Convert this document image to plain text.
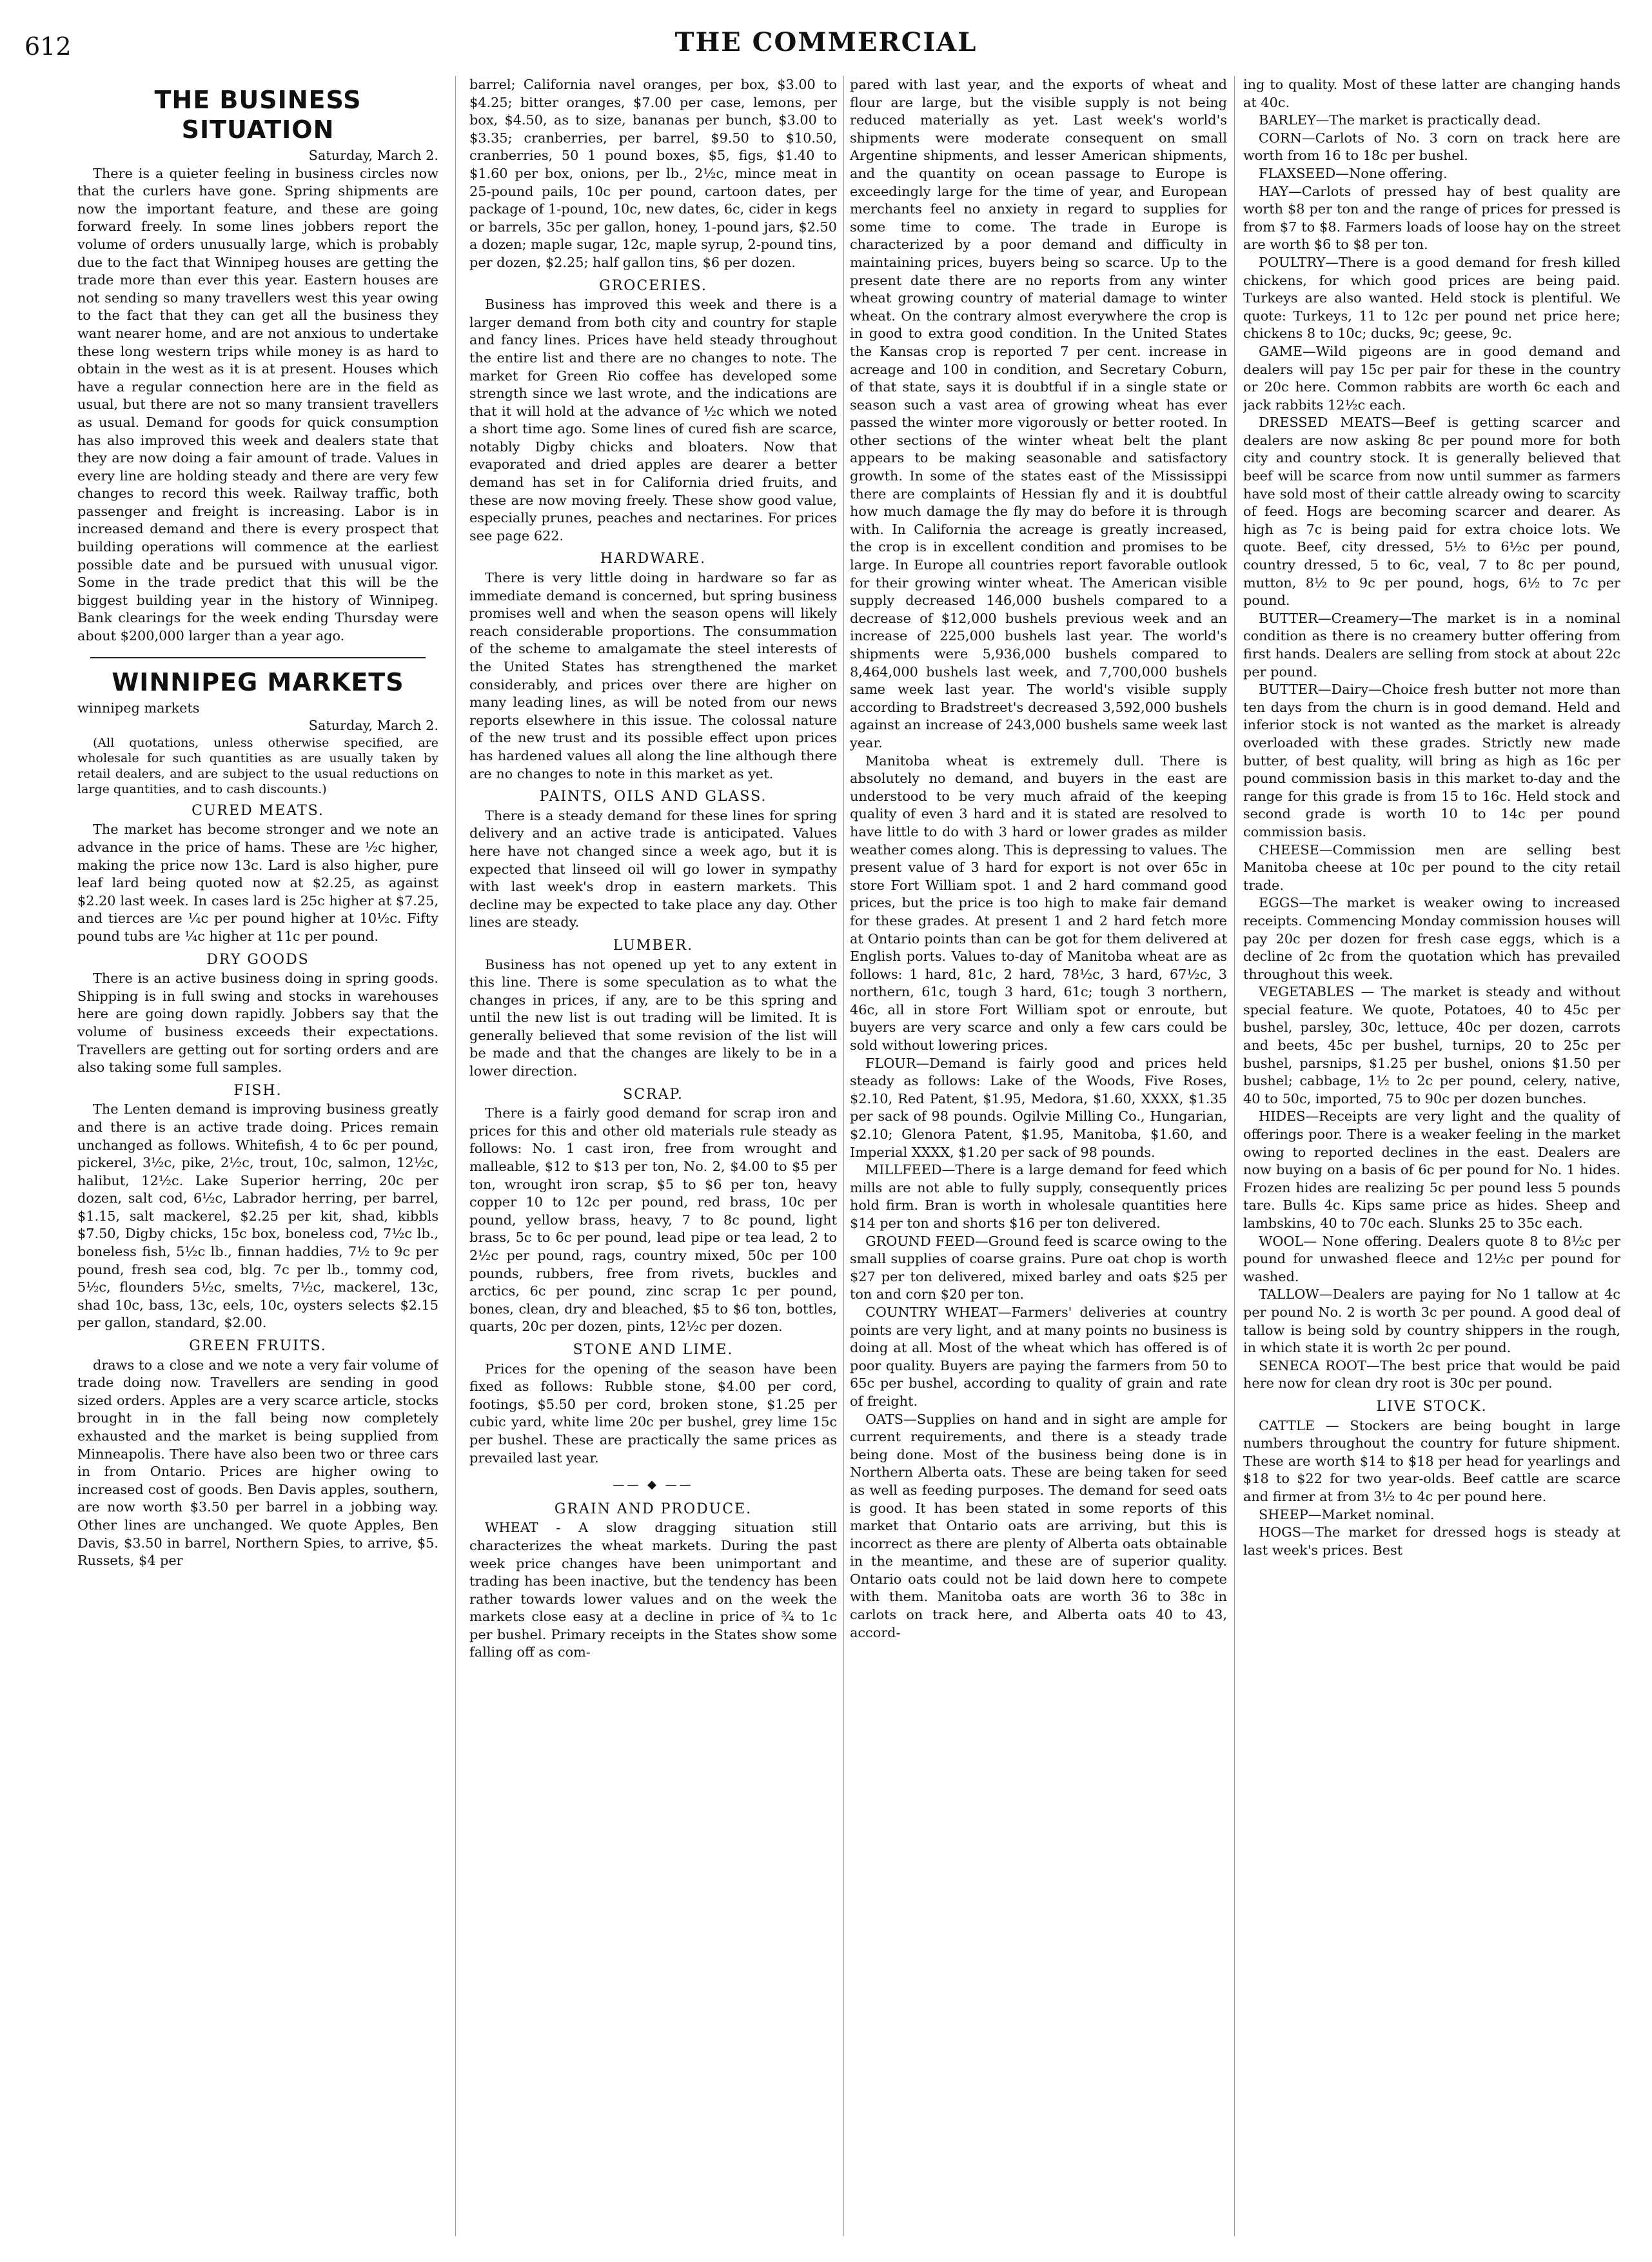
612	THE COMMERCIAL
THE BUSINESS SITUATION

Saturday, March 2.

There is a quieter feeling in business circles now that the curlers have gone. Spring shipments are now the important feature, and these are going forward freely. In some lines jobbers report the volume of orders unusually large, which is probably due to the fact that Winnipeg houses are getting the trade more than ever this year. Eastern houses are not sending so many travellers west this year owing to the fact that they can get all the business they want nearer home, and are not anxious to undertake these long western trips while money is as hard to obtain in the west as it is at present. Houses which have a regular connection here are in the field as usual, but there are not so many transient travellers as usual. Demand for goods for quick consumption has also improved this week and dealers state that they are now doing a fair amount of trade. Values in every line are holding steady and there are very few changes to record this week. Railway traffic, both passenger and freight is increasing. Labor is in increased demand and there is every prospect that building operations will commence at the earliest possible date and be pursued with unusual vigor. Some in the trade predict that this will be the biggest building year in the history of Winnipeg. Bank clearings for the week ending Thursday were about $200,000 larger than a year ago.

WINNIPEG MARKETS

winnipeg markets

Saturday, March 2.

(All quotations, unless otherwise specified, are wholesale for such quantities as are usually taken by retail dealers, and are subject to the usual reductions on large quantities, and to cash discounts.)

CURED MEATS.

The market has become stronger and we note an advance in the price of hams. These are ½c higher, making the price now 13c. Lard is also higher, pure leaf lard being quoted now at $2.25, as against $2.20 last week. In cases lard is 25c higher at $7.25, and tierces are ¼c per pound higher at 10½c. Fifty pound tubs are ¼c higher at 11c per pound.

DRY GOODS

There is an active business doing in spring goods. Shipping is in full swing and stocks in warehouses here are going down rapidly. Jobbers say that the volume of business exceeds their expectations. Travellers are getting out for sorting orders and are also taking some full samples.

FISH.

The Lenten demand is improving business greatly and there is an active trade doing. Prices remain unchanged as follows. Whitefish, 4 to 6c per pound, pickerel, 3½c, pike, 2½c, trout, 10c, salmon, 12½c, halibut, 12½c. Lake Superior herring, 20c per dozen, salt cod, 6½c, Labrador herring, per barrel, $1.15, salt mackerel, $2.25 per kit, shad, kibbls $7.50, Digby chicks, 15c box, boneless cod, 7½c lb., boneless fish, 5½c lb., finnan haddies, 7½ to 9c per pound, fresh sea cod, blg. 7c per lb., tommy cod, 5½c, flounders 5½c, smelts, 7½c, mackerel, 13c, shad 10c, bass, 13c, eels, 10c, oysters selects $2.15 per gallon, standard, $2.00.

GREEN FRUITS.

draws to a close and we note a very fair volume of trade doing now. Travellers are sending in good sized orders. Apples are a very scarce article, stocks brought in in the fall being now completely exhausted and the market is being supplied from Minneapolis. There have also been two or three cars in from Ontario. Prices are higher owing to increased cost of goods. Ben Davis apples, southern, are now worth $3.50 per barrel in a jobbing way. Other lines are unchanged. We quote Apples, Ben Davis, $3.50 in barrel, Northern Spies, to arrive, $5. Russets, $4 per

barrel; California navel oranges, per box, $3.00 to $4.25; bitter oranges, $7.00 per case, lemons, per box, $4.50, as to size, bananas per bunch, $3.00 to $3.35; cranberries, per barrel, $9.50 to $10.50, cranberries, 50 1 pound boxes, $5, figs, $1.40 to $1.60 per box, onions, per lb., 2½c, mince meat in 25-pound pails, 10c per pound, cartoon dates, per package of 1-pound, 10c, new dates, 6c, cider in kegs or barrels, 35c per gallon, honey, 1-pound jars, $2.50 a dozen; maple sugar, 12c, maple syrup, 2-pound tins, per dozen, $2.25; half gallon tins, $6 per dozen.

GROCERIES.

Business has improved this week and there is a larger demand from both city and country for staple and fancy lines. Prices have held steady throughout the entire list and there are no changes to note. The market for Green Rio coffee has developed some strength since we last wrote, and the indications are that it will hold at the advance of ½c which we noted a short time ago. Some lines of cured fish are scarce, notably Digby chicks and bloaters. Now that evaporated and dried apples are dearer a better demand has set in for California dried fruits, and these are now moving freely. These show good value, especially prunes, peaches and nectarines. For prices see page 622.

HARDWARE.

There is very little doing in hardware so far as immediate demand is concerned, but spring business promises well and when the season opens will likely reach considerable proportions. The consummation of the scheme to amalgamate the steel interests of the United States has strengthened the market considerably, and prices over there are higher on many leading lines, as will be noted from our news reports elsewhere in this issue. The colossal nature of the new trust and its possible effect upon prices has hardened values all along the line although there are no changes to note in this market as yet.

PAINTS, OILS AND GLASS.

There is a steady demand for these lines for spring delivery and an active trade is anticipated. Values here have not changed since a week ago, but it is expected that linseed oil will go lower in sympathy with last week's drop in eastern markets. This decline may be expected to take place any day. Other lines are steady.

LUMBER.

Business has not opened up yet to any extent in this line. There is some speculation as to what the changes in prices, if any, are to be this spring and until the new list is out trading will be limited. It is generally believed that some revision of the list will be made and that the changes are likely to be in a lower direction.

SCRAP.

There is a fairly good demand for scrap iron and prices for this and other old materials rule steady as follows: No. 1 cast iron, free from wrought and malleable, $12 to $13 per ton, No. 2, $4.00 to $5 per ton, wrought iron scrap, $5 to $6 per ton, heavy copper 10 to 12c per pound, red brass, 10c per pound, yellow brass, heavy, 7 to 8c pound, light brass, 5c to 6c per pound, lead pipe or tea lead, 2 to 2½c per pound, rags, country mixed, 50c per 100 pounds, rubbers, free from rivets, buckles and arctics, 6c per pound, zinc scrap 1c per pound, bones, clean, dry and bleached, $5 to $6 ton, bottles, quarts, 20c per dozen, pints, 12½c per dozen.

STONE AND LIME.

Prices for the opening of the season have been fixed as follows: Rubble stone, $4.00 per cord, footings, $5.50 per cord, broken stone, $1.25 per cubic yard, white lime 20c per bushel, grey lime 15c per bushel. These are practically the same prices as prevailed last year.

—— ◆ ——
GRAIN AND PRODUCE.

WHEAT - A slow dragging situation still characterizes the wheat markets. During the past week price changes have been unimportant and trading has been inactive, but the tendency has been rather towards lower values and on the week the markets close easy at a decline in price of ¾ to 1c per bushel. Primary receipts in the States show some falling off as com-

pared with last year, and the exports of wheat and flour are large, but the visible supply is not being reduced materially as yet. Last week's world's shipments were moderate consequent on small Argentine shipments, and lesser American shipments, and the quantity on ocean passage to Europe is exceedingly large for the time of year, and European merchants feel no anxiety in regard to supplies for some time to come. The trade in Europe is characterized by a poor demand and difficulty in maintaining prices, buyers being so scarce. Up to the present date there are no reports from any winter wheat growing country of material damage to winter wheat. On the contrary almost everywhere the crop is in good to extra good condition. In the United States the Kansas crop is reported 7 per cent. increase in acreage and 100 in condition, and Secretary Coburn, of that state, says it is doubtful if in a single state or season such a vast area of growing wheat has ever passed the winter more vigorously or better rooted. In other sections of the winter wheat belt the plant appears to be making seasonable and satisfactory growth. In some of the states east of the Mississippi there are complaints of Hessian fly and it is doubtful how much damage the fly may do before it is through with. In California the acreage is greatly increased, the crop is in excellent condition and promises to be large. In Europe all countries report favorable outlook for their growing winter wheat. The American visible supply decreased 146,000 bushels compared to a decrease of $12,000 bushels previous week and an increase of 225,000 bushels last year. The world's shipments were 5,936,000 bushels compared to 8,464,000 bushels last week, and 7,700,000 bushels same week last year. The world's visible supply according to Bradstreet's decreased 3,592,000 bushels against an increase of 243,000 bushels same week last year.

Manitoba wheat is extremely dull. There is absolutely no demand, and buyers in the east are understood to be very much afraid of the keeping quality of even 3 hard and it is stated are resolved to have little to do with 3 hard or lower grades as milder weather comes along. This is depressing to values. The present value of 3 hard for export is not over 65c in store Fort William spot. 1 and 2 hard command good prices, but the price is too high to make fair demand for these grades. At present 1 and 2 hard fetch more at Ontario points than can be got for them delivered at English ports. Values to-day of Manitoba wheat are as follows: 1 hard, 81c, 2 hard, 78½c, 3 hard, 67½c, 3 northern, 61c, tough 3 hard, 61c; tough 3 northern, 46c, all in store Fort William spot or enroute, but buyers are very scarce and only a few cars could be sold without lowering prices.

FLOUR—Demand is fairly good and prices held steady as follows: Lake of the Woods, Five Roses, $2.10, Red Patent, $1.95, Medora, $1.60, XXXX, $1.35 per sack of 98 pounds. Ogilvie Milling Co., Hungarian, $2.10; Glenora Patent, $1.95, Manitoba, $1.60, and Imperial XXXX, $1.20 per sack of 98 pounds.

MILLFEED—There is a large demand for feed which mills are not able to fully supply, consequently prices hold firm. Bran is worth in wholesale quantities here $14 per ton and shorts $16 per ton delivered.

GROUND FEED—Ground feed is scarce owing to the small supplies of coarse grains. Pure oat chop is worth $27 per ton delivered, mixed barley and oats $25 per ton and corn $20 per ton.

COUNTRY WHEAT—Farmers' deliveries at country points are very light, and at many points no business is doing at all. Most of the wheat which has offered is of poor quality. Buyers are paying the farmers from 50 to 65c per bushel, according to quality of grain and rate of freight.

OATS—Supplies on hand and in sight are ample for current requirements, and there is a steady trade being done. Most of the business being done is in Northern Alberta oats. These are being taken for seed as well as feeding purposes. The demand for seed oats is good. It has been stated in some reports of this market that Ontario oats are arriving, but this is incorrect as there are plenty of Alberta oats obtainable in the meantime, and these are of superior quality. Ontario oats could not be laid down here to compete with them. Manitoba oats are worth 36 to 38c in carlots on track here, and Alberta oats 40 to 43, accord-

ing to quality. Most of these latter are changing hands at 40c.

BARLEY—The market is practically dead.

CORN—Carlots of No. 3 corn on track here are worth from 16 to 18c per bushel.

FLAXSEED—None offering.

HAY—Carlots of pressed hay of best quality are worth $8 per ton and the range of prices for pressed is from $7 to $8. Farmers loads of loose hay on the street are worth $6 to $8 per ton.

POULTRY—There is a good demand for fresh killed chickens, for which good prices are being paid. Turkeys are also wanted. Held stock is plentiful. We quote: Turkeys, 11 to 12c per pound net price here; chickens 8 to 10c; ducks, 9c; geese, 9c.

GAME—Wild pigeons are in good demand and dealers will pay 15c per pair for these in the country or 20c here. Common rabbits are worth 6c each and jack rabbits 12½c each.

DRESSED MEATS—Beef is getting scarcer and dealers are now asking 8c per pound more for both city and country stock. It is generally believed that beef will be scarce from now until summer as farmers have sold most of their cattle already owing to scarcity of feed. Hogs are becoming scarcer and dearer. As high as 7c is being paid for extra choice lots. We quote. Beef, city dressed, 5½ to 6½c per pound, country dressed, 5 to 6c, veal, 7 to 8c per pound, mutton, 8½ to 9c per pound, hogs, 6½ to 7c per pound.

BUTTER—Creamery—The market is in a nominal condition as there is no creamery butter offering from first hands. Dealers are selling from stock at about 22c per pound.

BUTTER—Dairy—Choice fresh butter not more than ten days from the churn is in good demand. Held and inferior stock is not wanted as the market is already overloaded with these grades. Strictly new made butter, of best quality, will bring as high as 16c per pound commission basis in this market to-day and the range for this grade is from 15 to 16c. Held stock and second grade is worth 10 to 14c per pound commission basis.

CHEESE—Commission men are selling best Manitoba cheese at 10c per pound to the city retail trade.

EGGS—The market is weaker owing to increased receipts. Commencing Monday commission houses will pay 20c per dozen for fresh case eggs, which is a decline of 2c from the quotation which has prevailed throughout this week.

VEGETABLES — The market is steady and without special feature. We quote, Potatoes, 40 to 45c per bushel, parsley, 30c, lettuce, 40c per dozen, carrots and beets, 45c per bushel, turnips, 20 to 25c per bushel, parsnips, $1.25 per bushel, onions $1.50 per bushel; cabbage, 1½ to 2c per pound, celery, native, 40 to 50c, imported, 75 to 90c per dozen bunches.

HIDES—Receipts are very light and the quality of offerings poor. There is a weaker feeling in the market owing to reported declines in the east. Dealers are now buying on a basis of 6c per pound for No. 1 hides. Frozen hides are realizing 5c per pound less 5 pounds tare. Bulls 4c. Kips same price as hides. Sheep and lambskins, 40 to 70c each. Slunks 25 to 35c each.

WOOL— None offering. Dealers quote 8 to 8½c per pound for unwashed fleece and 12½c per pound for washed.

TALLOW—Dealers are paying for No 1 tallow at 4c per pound No. 2 is worth 3c per pound. A good deal of tallow is being sold by country shippers in the rough, in which state it is worth 2c per pound.

SENECA ROOT—The best price that would be paid here now for clean dry root is 30c per pound.

LIVE STOCK.

CATTLE — Stockers are being bought in large numbers throughout the country for future shipment. These are worth $14 to $18 per head for yearlings and $18 to $22 for two year-olds. Beef cattle are scarce and firmer at from 3½ to 4c per pound here.

SHEEP—Market nominal.

HOGS—The market for dressed hogs is steady at last week's prices. Best
